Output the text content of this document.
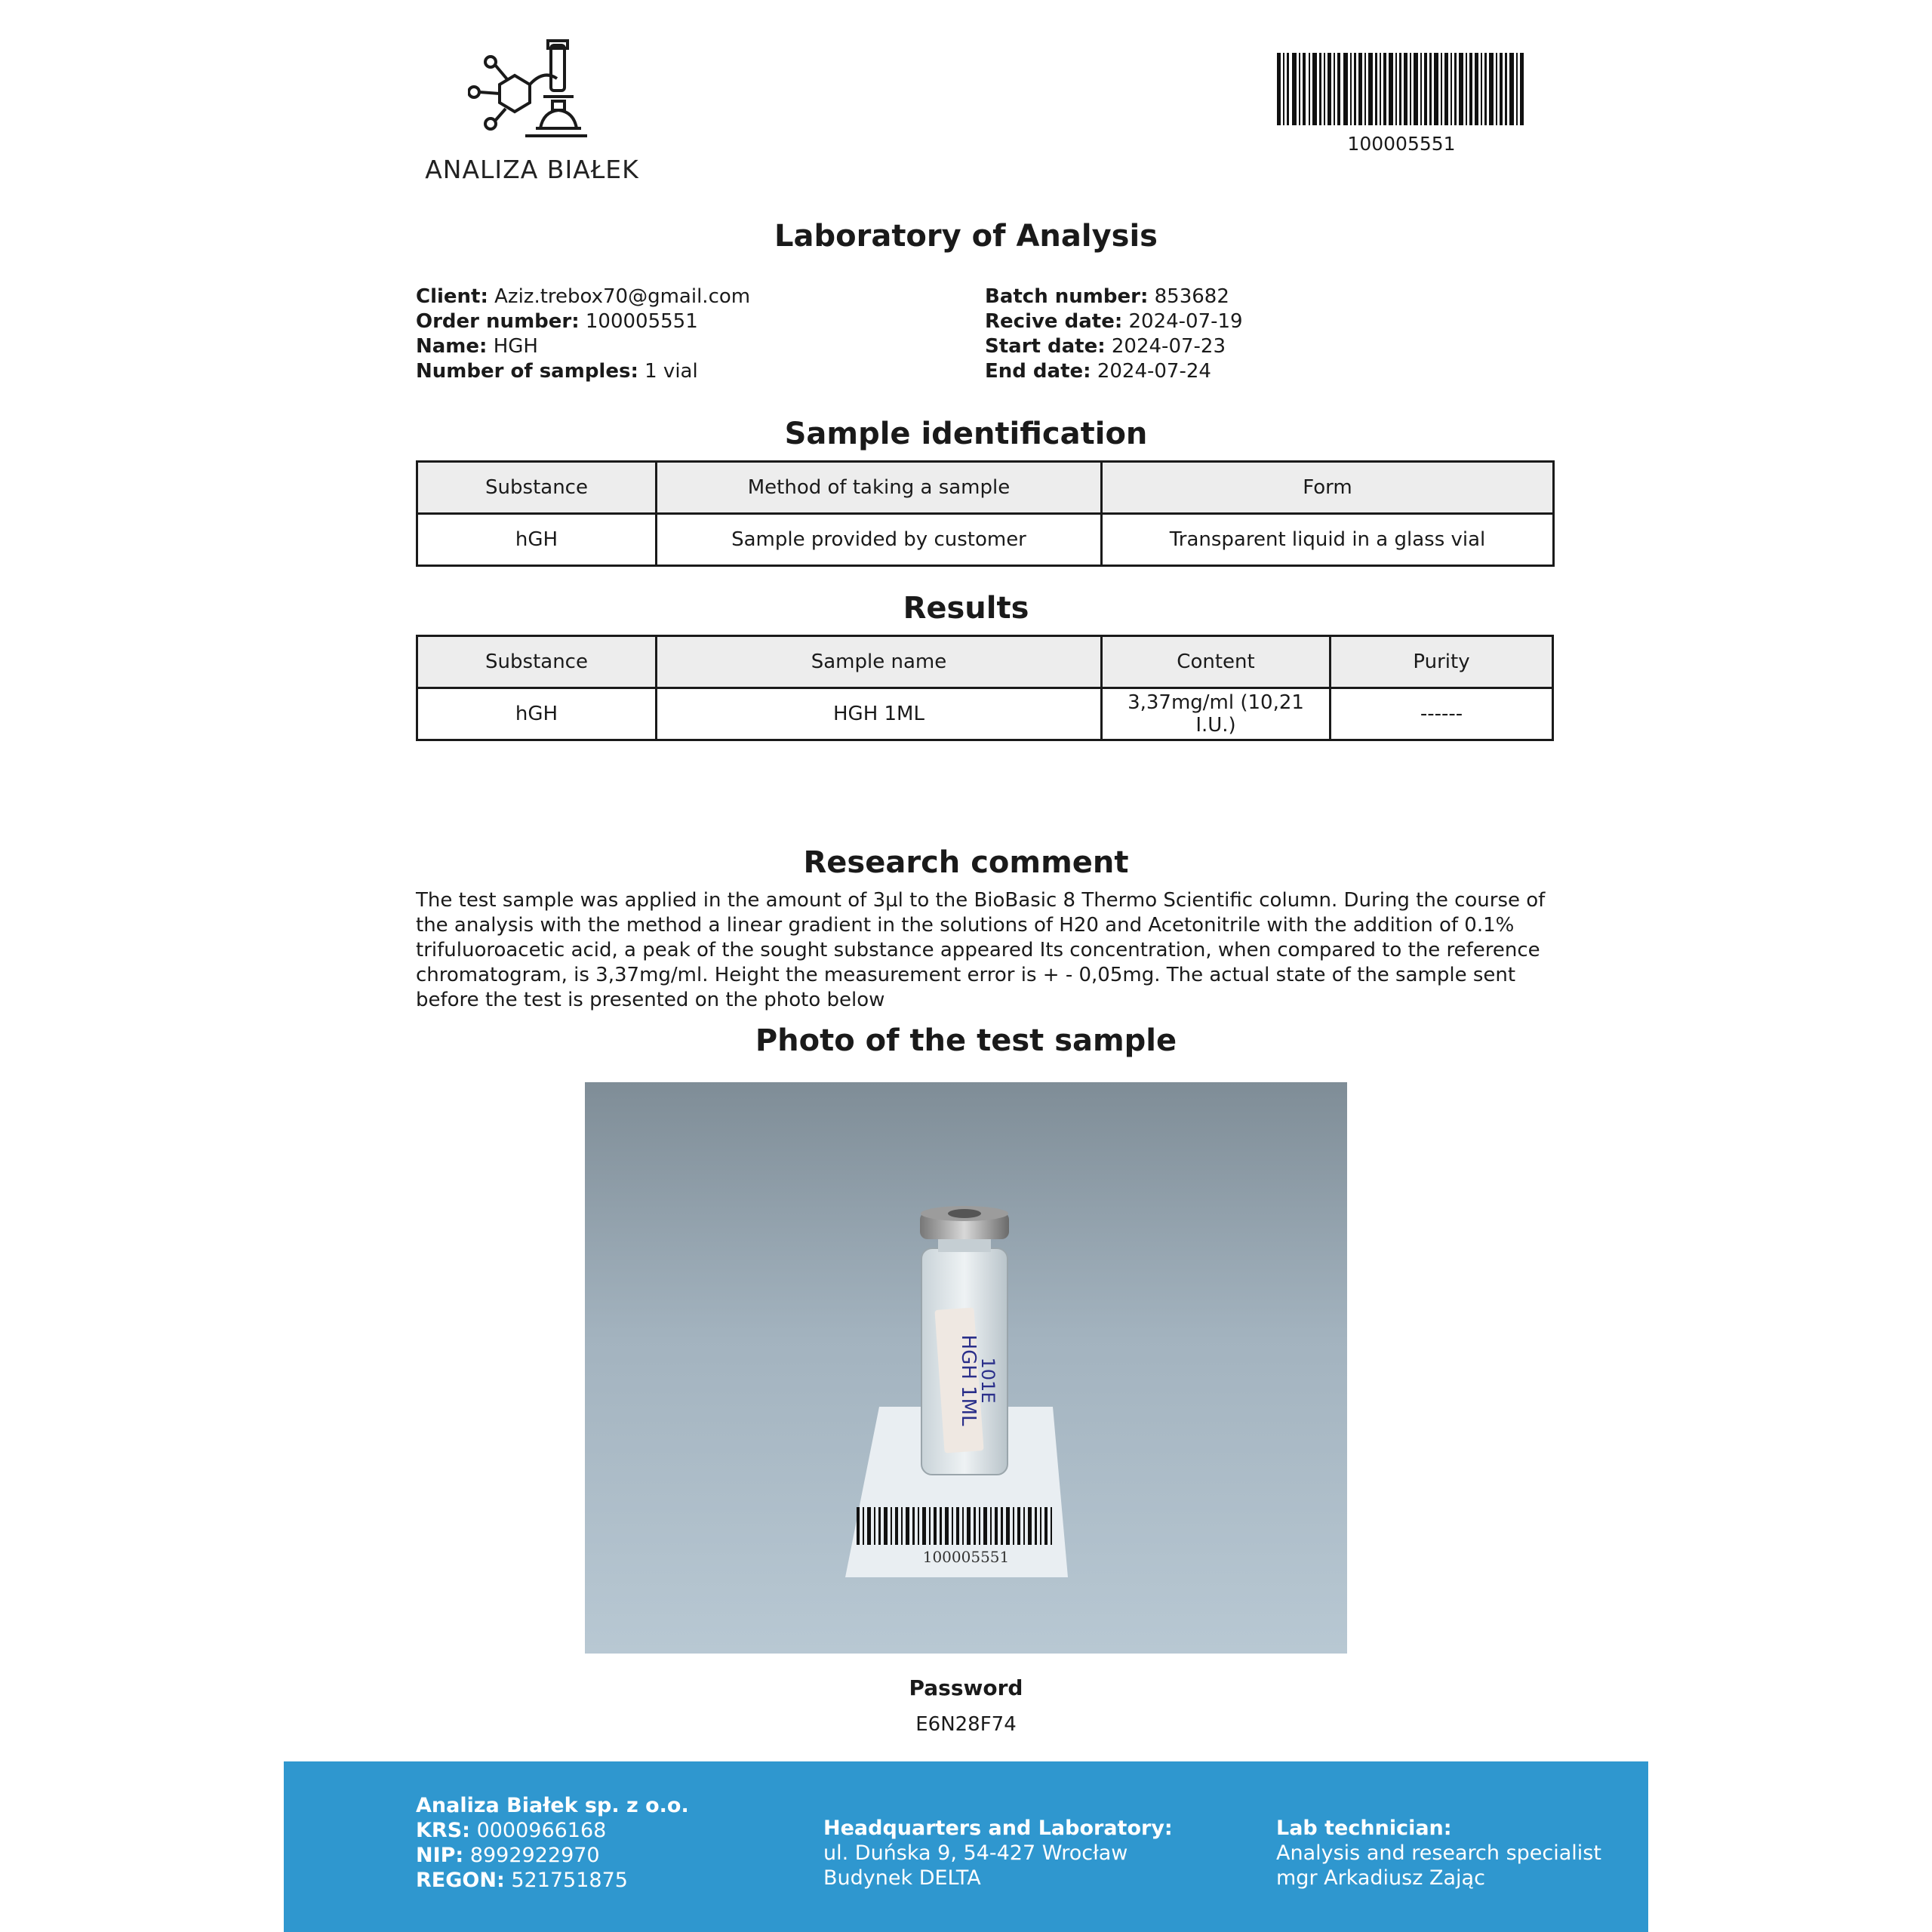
ANALIZA BIAŁEK
100005551
Laboratory of Analysis
Client: Aziz.trebox70@gmail.com
Order number: 100005551
Name: HGH
Number of samples: 1 vial
Batch number: 853682
Recive date: 2024-07-19
Start date: 2024-07-23
End date: 2024-07-24
Sample identification
Substance	Method of taking a sample	Form
hGH	Sample provided by customer	Transparent liquid in a glass vial
Results
Substance	Sample name	Content	Purity
hGH	HGH 1ML	3,37mg/ml (10,21 I.U.)	------
Research comment
The test sample was applied in the amount of 3µl to the BioBasic 8 Thermo Scientific column. During the course of the analysis with the method a linear gradient in the solutions of H20 and Acetonitrile with the addition of 0.1% trifuluoroacetic acid, a peak of the sought substance appeared Its concentration, when compared to the reference chromatogram, is 3,37mg/ml. Height the measurement error is + - 0,05mg. The actual state of the sample sent before the test is presented on the photo below
Photo of the test sample
HGH 1ML
101E
100005551
Password
E6N28F74
Analiza Białek sp. z o.o.
KRS: 0000966168
NIP: 8992922970
REGON: 521751875
Headquarters and Laboratory:
ul. Duńska 9, 54-427 Wrocław
Budynek DELTA
Lab technician:
Analysis and research specialist
mgr Arkadiusz Zając
